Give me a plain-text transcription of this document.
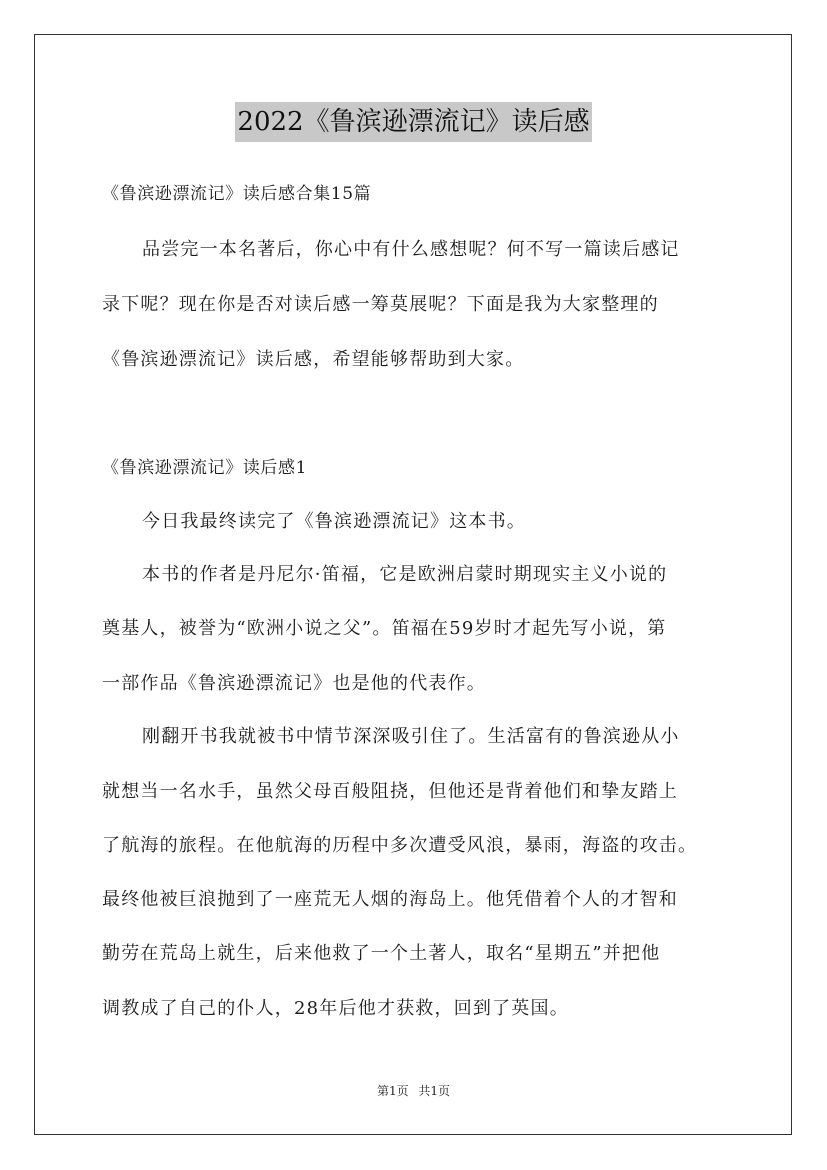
2022《鲁滨逊漂流记》读后感
《鲁滨逊漂流记》读后感合集15篇
品尝完一本名著后，你心中有什么感想呢？何不写一篇读后感记
录下呢？现在你是否对读后感一筹莫展呢？下面是我为大家整理的
《鲁滨逊漂流记》读后感，希望能够帮助到大家。
《鲁滨逊漂流记》读后感1
今日我最终读完了《鲁滨逊漂流记》这本书。
本书的作者是丹尼尔·笛福，它是欧洲启蒙时期现实主义小说的
奠基人，被誉为“欧洲小说之父”。笛福在59岁时才起先写小说，第
一部作品《鲁滨逊漂流记》也是他的代表作。
刚翻开书我就被书中情节深深吸引住了。生活富有的鲁滨逊从小
就想当一名水手，虽然父母百般阻挠，但他还是背着他们和挚友踏上
了航海的旅程。在他航海的历程中多次遭受风浪，暴雨，海盗的攻击。
最终他被巨浪抛到了一座荒无人烟的海岛上。他凭借着个人的才智和
勤劳在荒岛上就生，后来他救了一个土著人，取名“星期五”并把他
调教成了自己的仆人，28年后他才获救，回到了英国。
第1页 共1页
